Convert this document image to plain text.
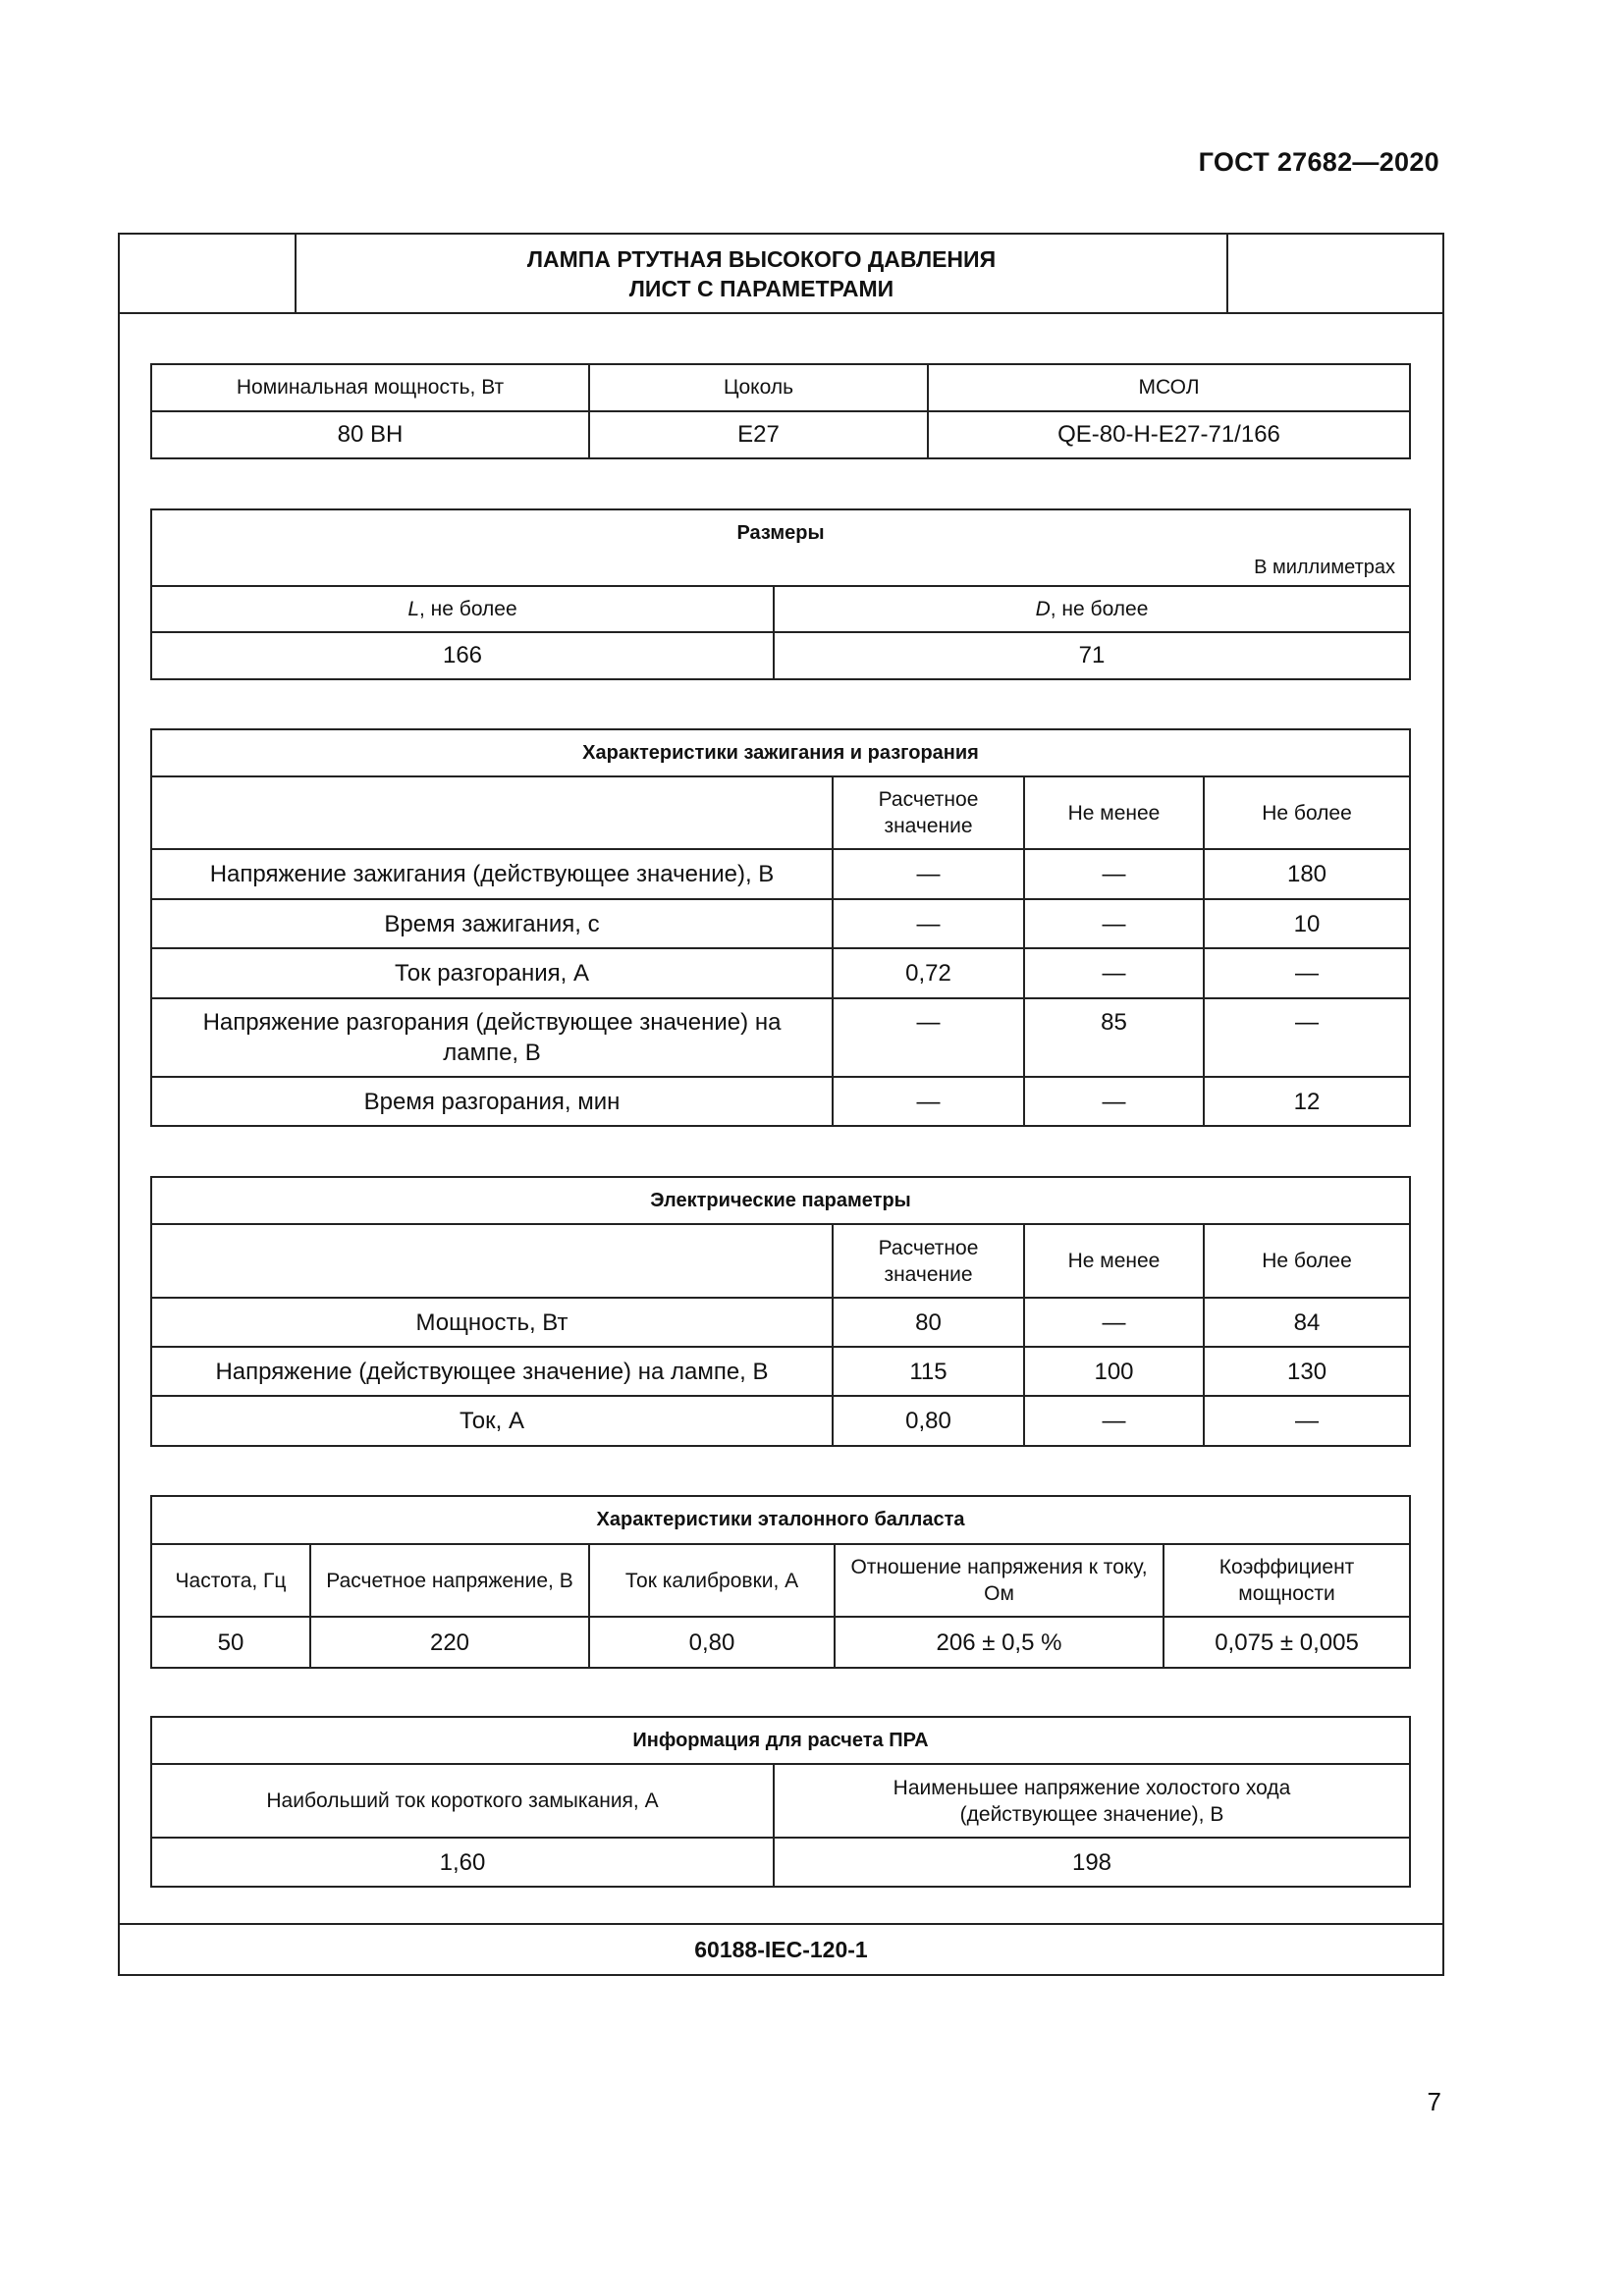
ГОСТ 27682—2020
ЛАМПА РТУТНАЯ ВЫСОКОГО ДАВЛЕНИЯ
ЛИСТ С ПАРАМЕТРАМИ
60188-IEC-120-1
Номинальная мощность, Вт	Цоколь	МСОЛ
80 ВН	E27	QE-80-H-E27-71/166
Размеры
В миллиметрах	

L, не более	D, не более
166	71
Характеристики зажигания и разгорания			
	Расчетное значение	Не менее	Не более
Напряжение зажигания (действующее значение), В	—	—	180
Время зажигания, с	—	—	10
Ток разгорания, А	0,72	—	—
Напряжение разгорания (действующее значение) на лампе, В	—	85	—
Время разгорания, мин	—	—	12
Электрические параметры			
	Расчетное значение	Не менее	Не более
Мощность, Вт	80	—	84
Напряжение (действующее значение) на лампе, В	115	100	130
Ток, А	0,80	—	—
Характеристики эталонного балласта				
Частота, Гц	Расчетное напряжение, В	Ток калибровки, А	Отношение напряжения к току, Ом	Коэффициент мощности
50	220	0,80	206 ± 0,5 %	0,075 ± 0,005
Информация для расчета ПРА	
Наибольший ток короткого замыкания, А	Наименьшее напряжение холостого хода (действующее значение), В
1,60	198
7
